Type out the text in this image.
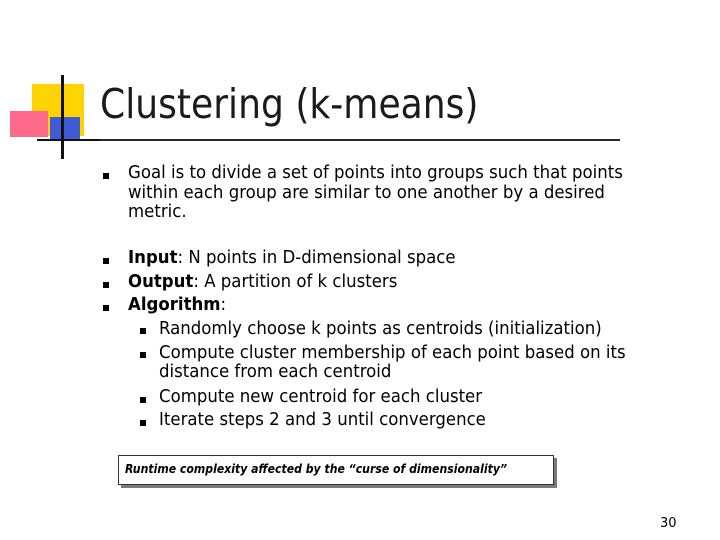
Clustering (k-means)
Goal is to divide a set of points into groups such that points
within each group are similar to one another by a desired
metric.
Input: N points in D-dimensional space
Output: A partition of k clusters
Algorithm:
Randomly choose k points as centroids (initialization)
Compute cluster membership of each point based on its
distance from each centroid
Compute new centroid for each cluster
Iterate steps 2 and 3 until convergence
Runtime complexity affected by the “curse of dimensionality”
30
